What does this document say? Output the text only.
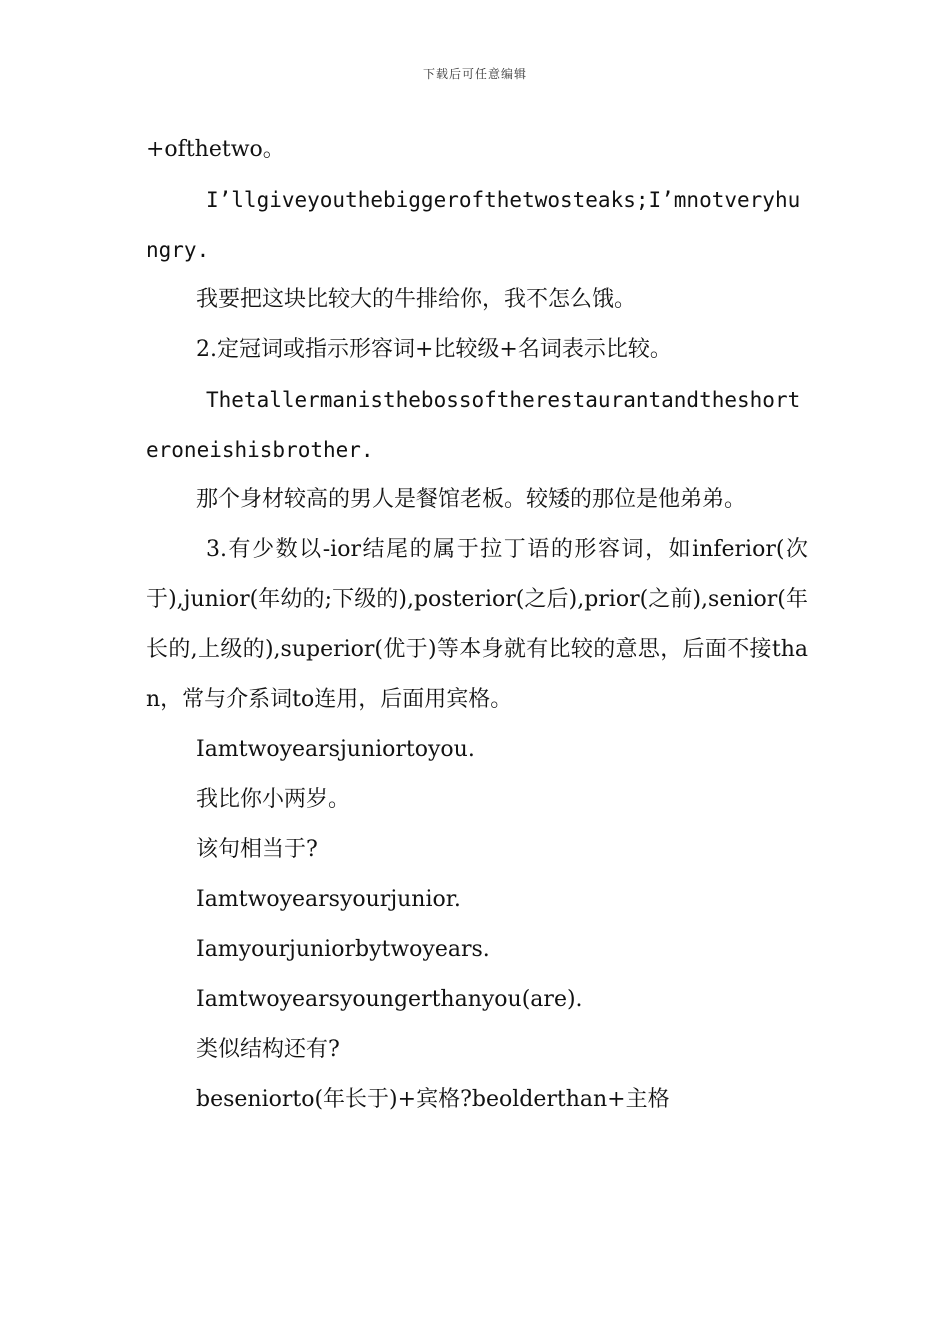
下载后可任意编辑

+ofthetwo。

I’llgiveyouthebiggerofthetwosteaks;I’mnotveryhungry.

我要把这块比较大的牛排给你，我不怎么饿。

2.定冠词或指示形容词+比较级+名词表示比较。

Thetallermanisthebossoftherestaurantandtheshorteroneishisbrother.

那个身材较高的男人是餐馆老板。较矮的那位是他弟弟。

3.有少数以-ior结尾的属于拉丁语的形容词，如inferior(次于),junior(年幼的;下级的),posterior(之后),prior(之前),senior(年长的,上级的),superior(优于)等本身就有比较的意思，后面不接than，常与介系词to连用，后面用宾格。

Iamtwoyearsjuniortoyou.

我比你小两岁。

该句相当于?

Iamtwoyearsyourjunior.

Iamyourjuniorbytwoyears.

Iamtwoyearsyoungerthanyou(are).

类似结构还有?

beseniorto(年长于)+宾格?beolderthan+主格
